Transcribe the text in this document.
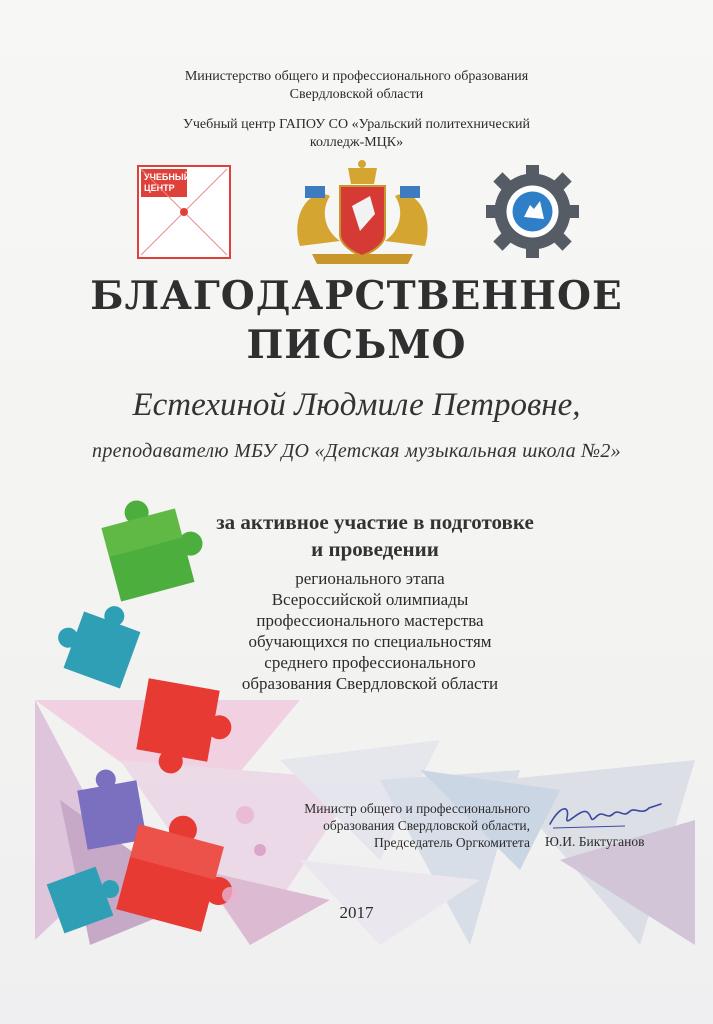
Министерство общего и профессионального образования
Свердловской области
Учебный центр ГАПОУ СО «Уральский политехнический
колледж-МЦК»
УЧЕБНЫЙ
ЦЕНТР
БЛАГОДАРСТВЕННОЕ
ПИСЬМО
Естехиной Людмиле Петровне,
преподавателю МБУ ДО «Детская музыкальная школа №2»
за активное участие в подготовке
и проведении
регионального этапа
Всероссийской олимпиады
профессионального мастерства
обучающихся по специальностям
среднего профессионального
образования Свердловской области
Министр общего и профессионального
образования Свердловской области,
Председатель Оргкомитета Ю.И. Биктуганов
2017
